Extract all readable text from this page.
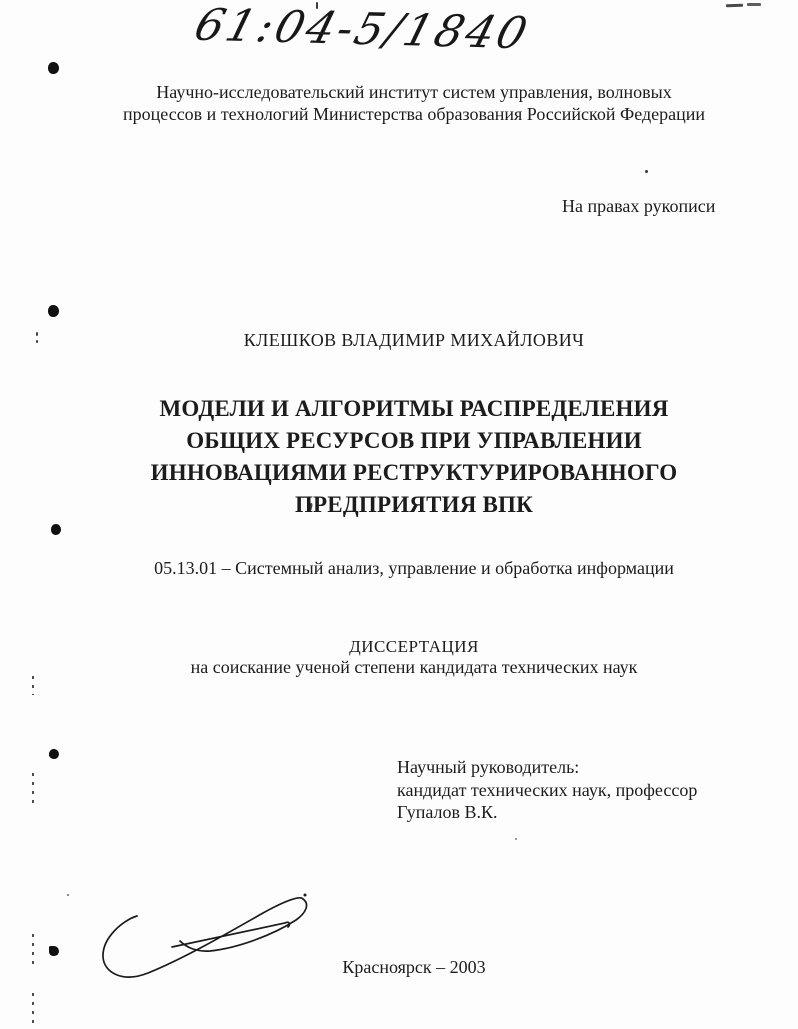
61:04-5/1840
Научно-исследовательский институт систем управления, волновых
процессов и технологий Министерства образования Российской Федерации
На правах рукописи
КЛЕШКОВ ВЛАДИМИР МИХАЙЛОВИЧ
МОДЕЛИ И АЛГОРИТМЫ РАСПРЕДЕЛЕНИЯ
ОБЩИХ РЕСУРСОВ ПРИ УПРАВЛЕНИИ
ИННОВАЦИЯМИ РЕСТРУКТУРИРОВАННОГО
ПРЕДПРИЯТИЯ ВПК
05.13.01 – Системный анализ, управление и обработка информации
ДИССЕРТАЦИЯ
на соискание ученой степени кандидата технических наук
Научный руководитель:
кандидат технических наук, профессор
Гупалов В.К.
Красноярск – 2003
